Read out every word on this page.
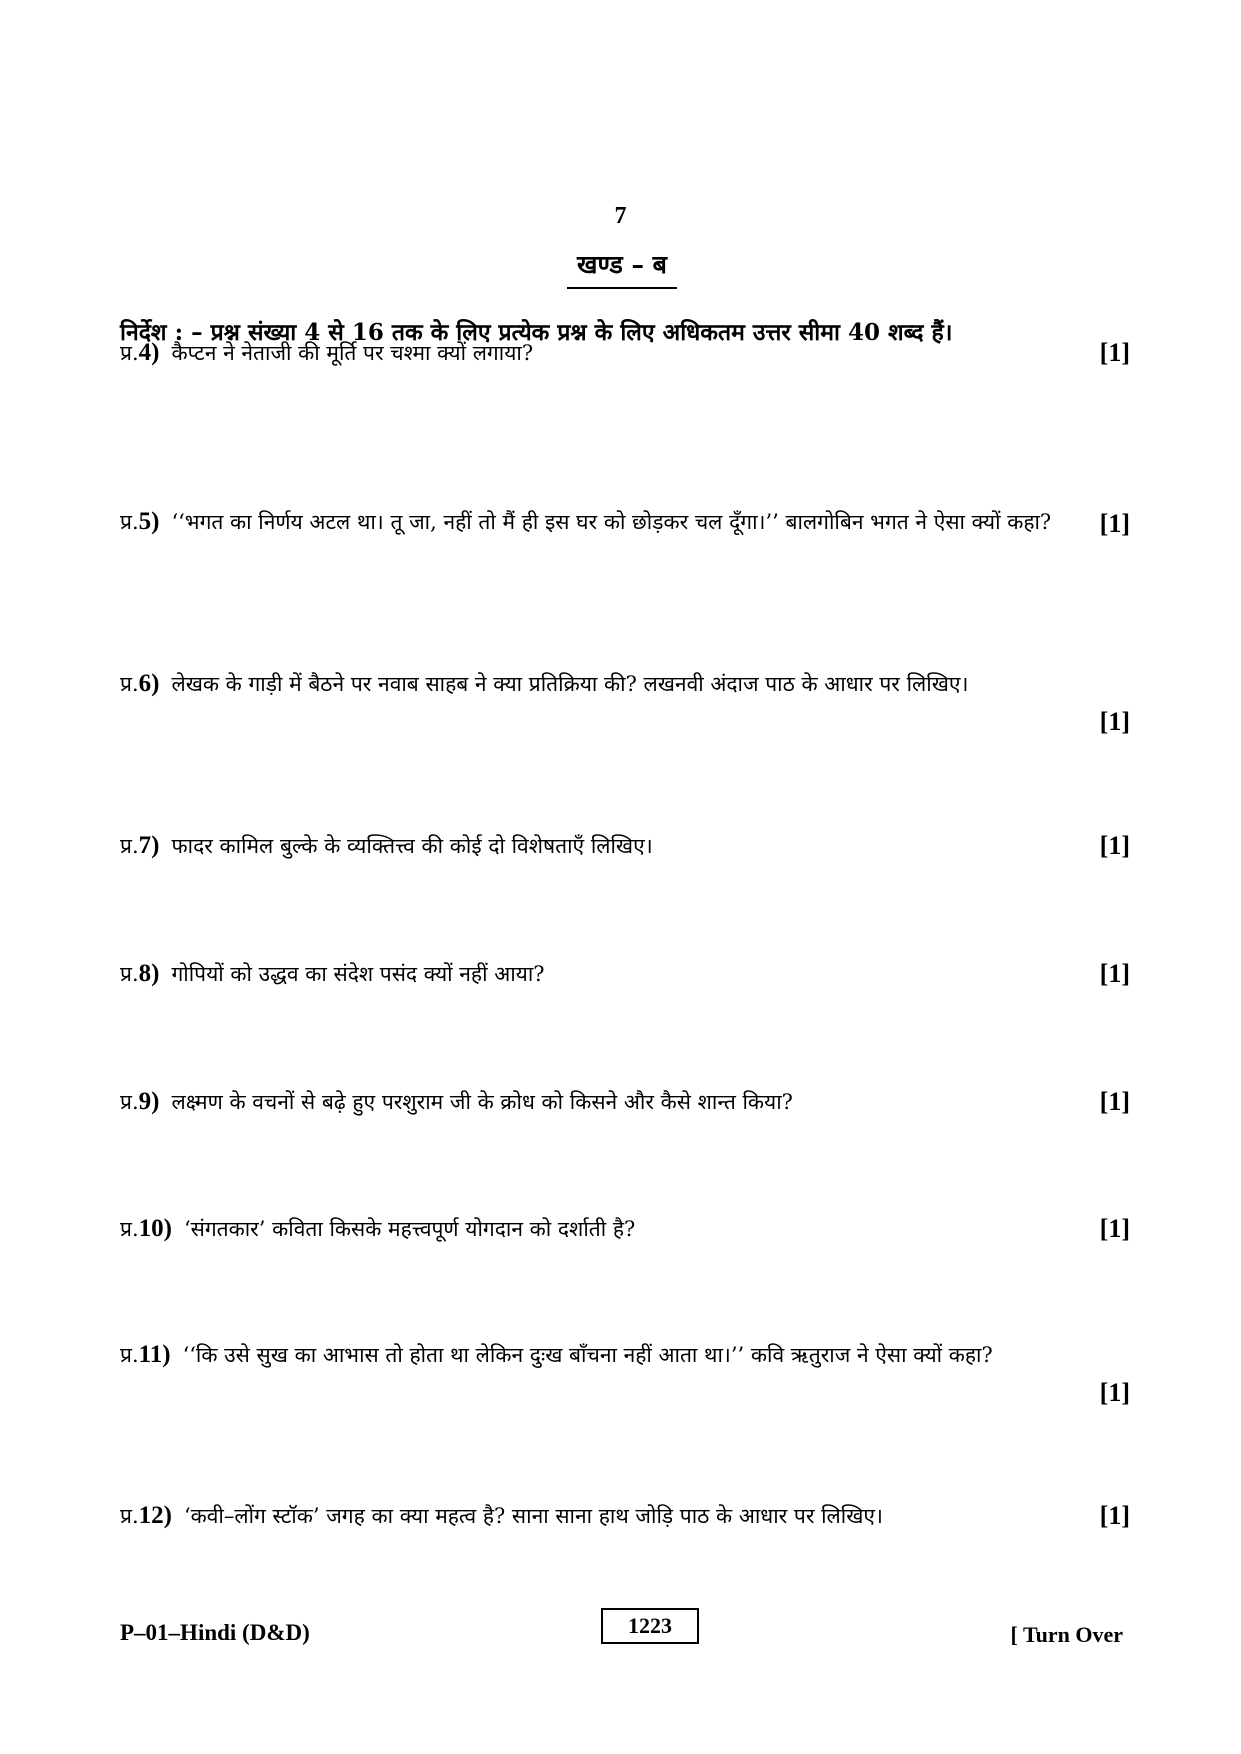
7
खण्ड – ब
निर्देश : – प्रश्न संख्या 4 से 16 तक के लिए प्रत्येक प्रश्न के लिए अधिकतम उत्तर सीमा 40 शब्द हैं।
प्र.4) कैप्टन ने नेताजी की मूर्ति पर चश्मा क्यों लगाया?	[1]
प्र.5) ‘‘भगत का निर्णय अटल था। तू जा, नहीं तो मैं ही इस घर को छोड़कर चल दूँगा।’’ बालगोबिन भगत ने ऐसा क्यों कहा?	[1]
प्र.6) लेखक के गाड़ी में बैठने पर नवाब साहब ने क्या प्रतिक्रिया की? लखनवी अंदाज पाठ के आधार पर लिखिए।
[1]
प्र.7) फादर कामिल बुल्के के व्यक्तित्त्व की कोई दो विशेषताएँ लिखिए।	[1]
प्र.8) गोपियों को उद्धव का संदेश पसंद क्यों नहीं आया?	[1]
प्र.9) लक्ष्मण के वचनों से बढ़े हुए परशुराम जी के क्रोध को किसने और कैसे शान्त किया?	[1]
प्र.10) ‘संगतकार’ कविता किसके महत्त्वपूर्ण योगदान को दर्शाती है?	[1]
प्र.11) ‘‘कि उसे सुख का आभास तो होता था लेकिन दुःख बाँचना नहीं आता था।’’ कवि ऋतुराज ने ऐसा क्यों कहा?
[1]
प्र.12) ‘कवी–लोंग स्टॉक’ जगह का क्या महत्व है? साना साना हाथ जोड़ि पाठ के आधार पर लिखिए।	[1]
P–01–Hindi (D&D)	1223	[ Turn Over
